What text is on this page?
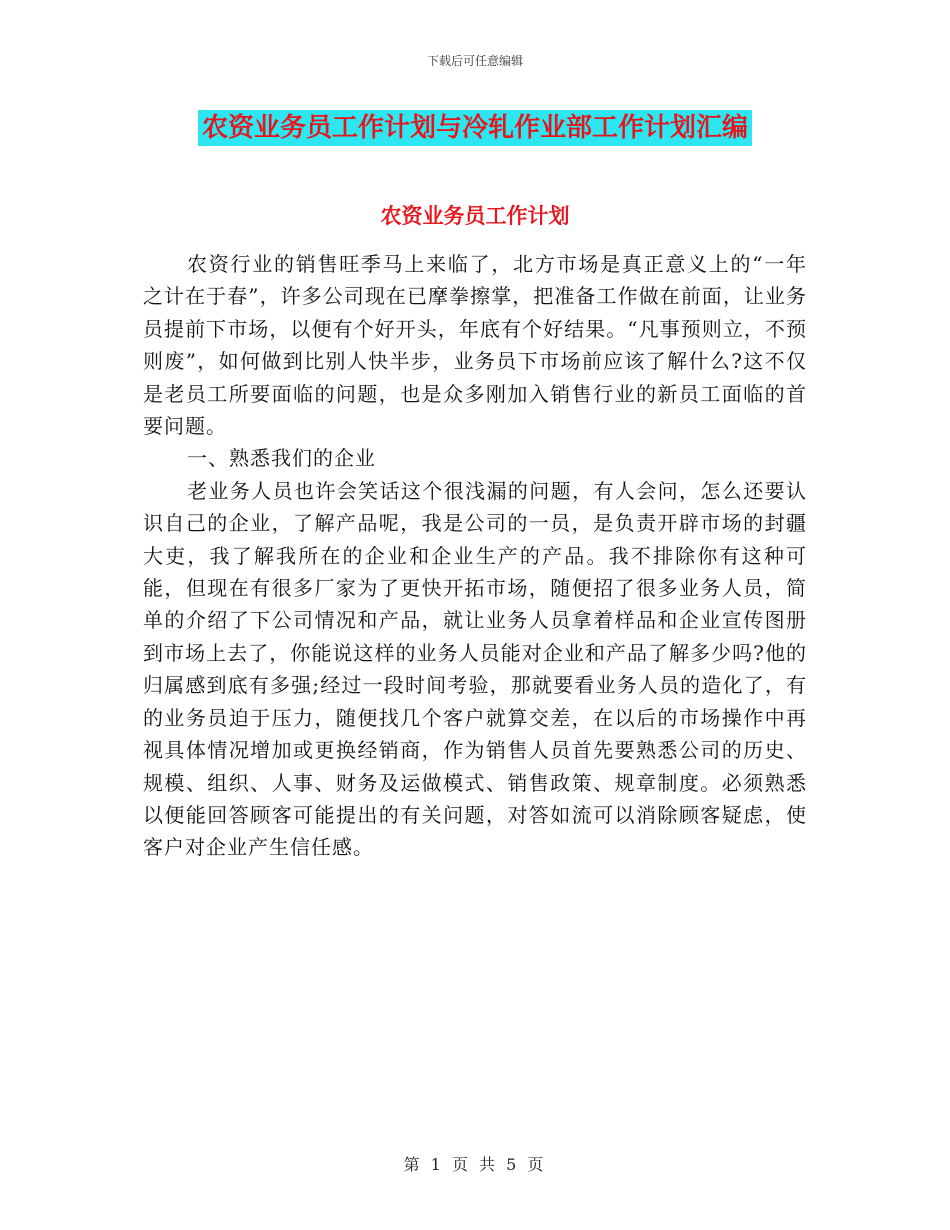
下载后可任意编辑
农资业务员工作计划与冷轧作业部工作计划汇编
农资业务员工作计划

农资行业的销售旺季马上来临了，北方市场是真正意义上的“一年之计在于春”，许多公司现在已摩拳擦掌，把准备工作做在前面，让业务员提前下市场，以便有个好开头，年底有个好结果。“凡事预则立，不预则废”，如何做到比别人快半步，业务员下市场前应该了解什么?这不仅是老员工所要面临的问题，也是众多刚加入销售行业的新员工面临的首要问题。

一、熟悉我们的企业

老业务人员也许会笑话这个很浅漏的问题，有人会问，怎么还要认识自己的企业，了解产品呢，我是公司的一员，是负责开辟市场的封疆大吏，我了解我所在的企业和企业生产的产品。我不排除你有这种可能，但现在有很多厂家为了更快开拓市场，随便招了很多业务人员，简单的介绍了下公司情况和产品，就让业务人员拿着样品和企业宣传图册到市场上去了，你能说这样的业务人员能对企业和产品了解多少吗?他的归属感到底有多强;经过一段时间考验，那就要看业务人员的造化了，有的业务员迫于压力，随便找几个客户就算交差，在以后的市场操作中再视具体情况增加或更换经销商，作为销售人员首先要熟悉公司的历史、规模、组织、人事、财务及运做模式、销售政策、规章制度。必须熟悉以便能回答顾客可能提出的有关问题，对答如流可以消除顾客疑虑，使客户对企业产生信任感。

第 1 页 共 5 页
